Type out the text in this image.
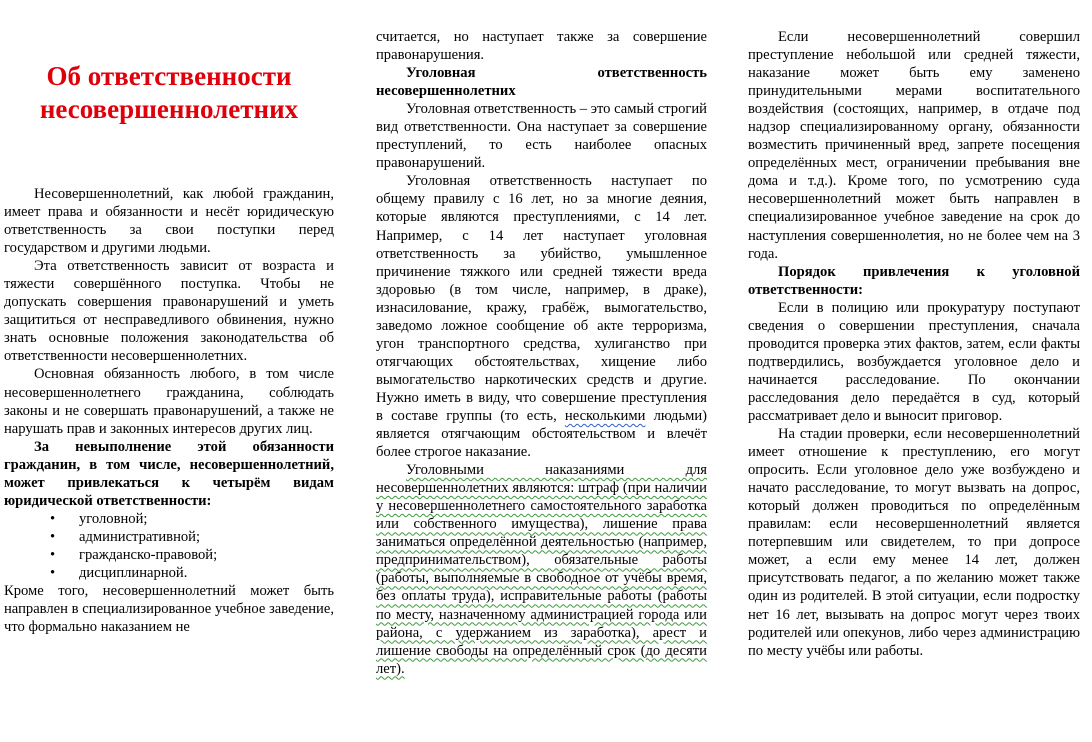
Об ответственности несовершеннолетних

Несовершеннолетний, как любой гражданин, имеет права и обязанности и несёт юридическую ответственность за свои поступки перед государством и другими людьми.

Эта ответственность зависит от возраста и тяжести совершённого поступка. Чтобы не допускать совершения правонарушений и уметь защититься от несправедливого обвинения, нужно знать основные положения законодательства об ответственности несовершеннолетних.

Основная обязанность любого, в том числе несовершеннолетнего гражданина, соблюдать законы и не совершать правонарушений, а также не нарушать прав и законных интересов других лиц.

За невыполнение этой обязанности гражданин, в том числе, несовершеннолетний, может привлекаться к четырём видам юридической ответственности:

• уголовной;
• административной;
• гражданско-правовой;
• дисциплинарной.

Кроме того, несовершеннолетний может быть направлен в специализированное учебное заведение, что формально наказанием не

считается, но наступает также за совершение правонарушения.

Уголовная ответственность несовершеннолетних

Уголовная ответственность – это самый строгий вид ответственности. Она наступает за совершение преступлений, то есть наиболее опасных правонарушений.

Уголовная ответственность наступает по общему правилу с 16 лет, но за многие деяния, которые являются преступлениями, с 14 лет. Например, с 14 лет наступает уголовная ответственность за убийство, умышленное причинение тяжкого или средней тяжести вреда здоровью (в том числе, например, в драке), изнасилование, кражу, грабёж, вымогательство, заведомо ложное сообщение об акте терроризма, угон транспортного средства, хулиганство при отягчающих обстоятельствах, хищение либо вымогательство наркотических средств и другие. Нужно иметь в виду, что совершение преступления в составе группы (то есть, несколькими людьми) является отягчающим обстоятельством и влечёт более строгое наказание.

Уголовными наказаниями для несовершеннолетних являются: штраф (при наличии у несовершеннолетнего самостоятельного заработка или собственного имущества), лишение права заниматься определённой деятельностью (например, предпринимательством), обязательные работы (работы, выполняемые в свободное от учёбы время, без оплаты труда), исправительные работы (работы по месту, назначенному администрацией города или района, с удержанием из заработка), арест и лишение свободы на определённый срок (до десяти лет).

Если несовершеннолетний совершил преступление небольшой или средней тяжести, наказание может быть ему заменено принудительными мерами воспитательного воздействия (состоящих, например, в отдаче под надзор специализированному органу, обязанности возместить причиненный вред, запрете посещения определённых мест, ограничении пребывания вне дома и т.д.). Кроме того, по усмотрению суда несовершеннолетний может быть направлен в специализированное учебное заведение на срок до наступления совершеннолетия, но не более чем на 3 года.

Порядок привлечения к уголовной ответственности:

Если в полицию или прокуратуру поступают сведения о совершении преступления, сначала проводится проверка этих фактов, затем, если факты подтвердились, возбуждается уголовное дело и начинается расследование. По окончании расследования дело передаётся в суд, который рассматривает дело и выносит приговор.

На стадии проверки, если несовершеннолетний имеет отношение к преступлению, его могут опросить. Если уголовное дело уже возбуждено и начато расследование, то могут вызвать на допрос, который должен проводиться по определённым правилам: если несовершеннолетний является потерпевшим или свидетелем, то при допросе может, а если ему менее 14 лет, должен присутствовать педагог, а по желанию может также один из родителей. В этой ситуации, если подростку нет 16 лет, вызывать на допрос могут через твоих родителей или опекунов, либо через администрацию по месту учёбы или работы.
